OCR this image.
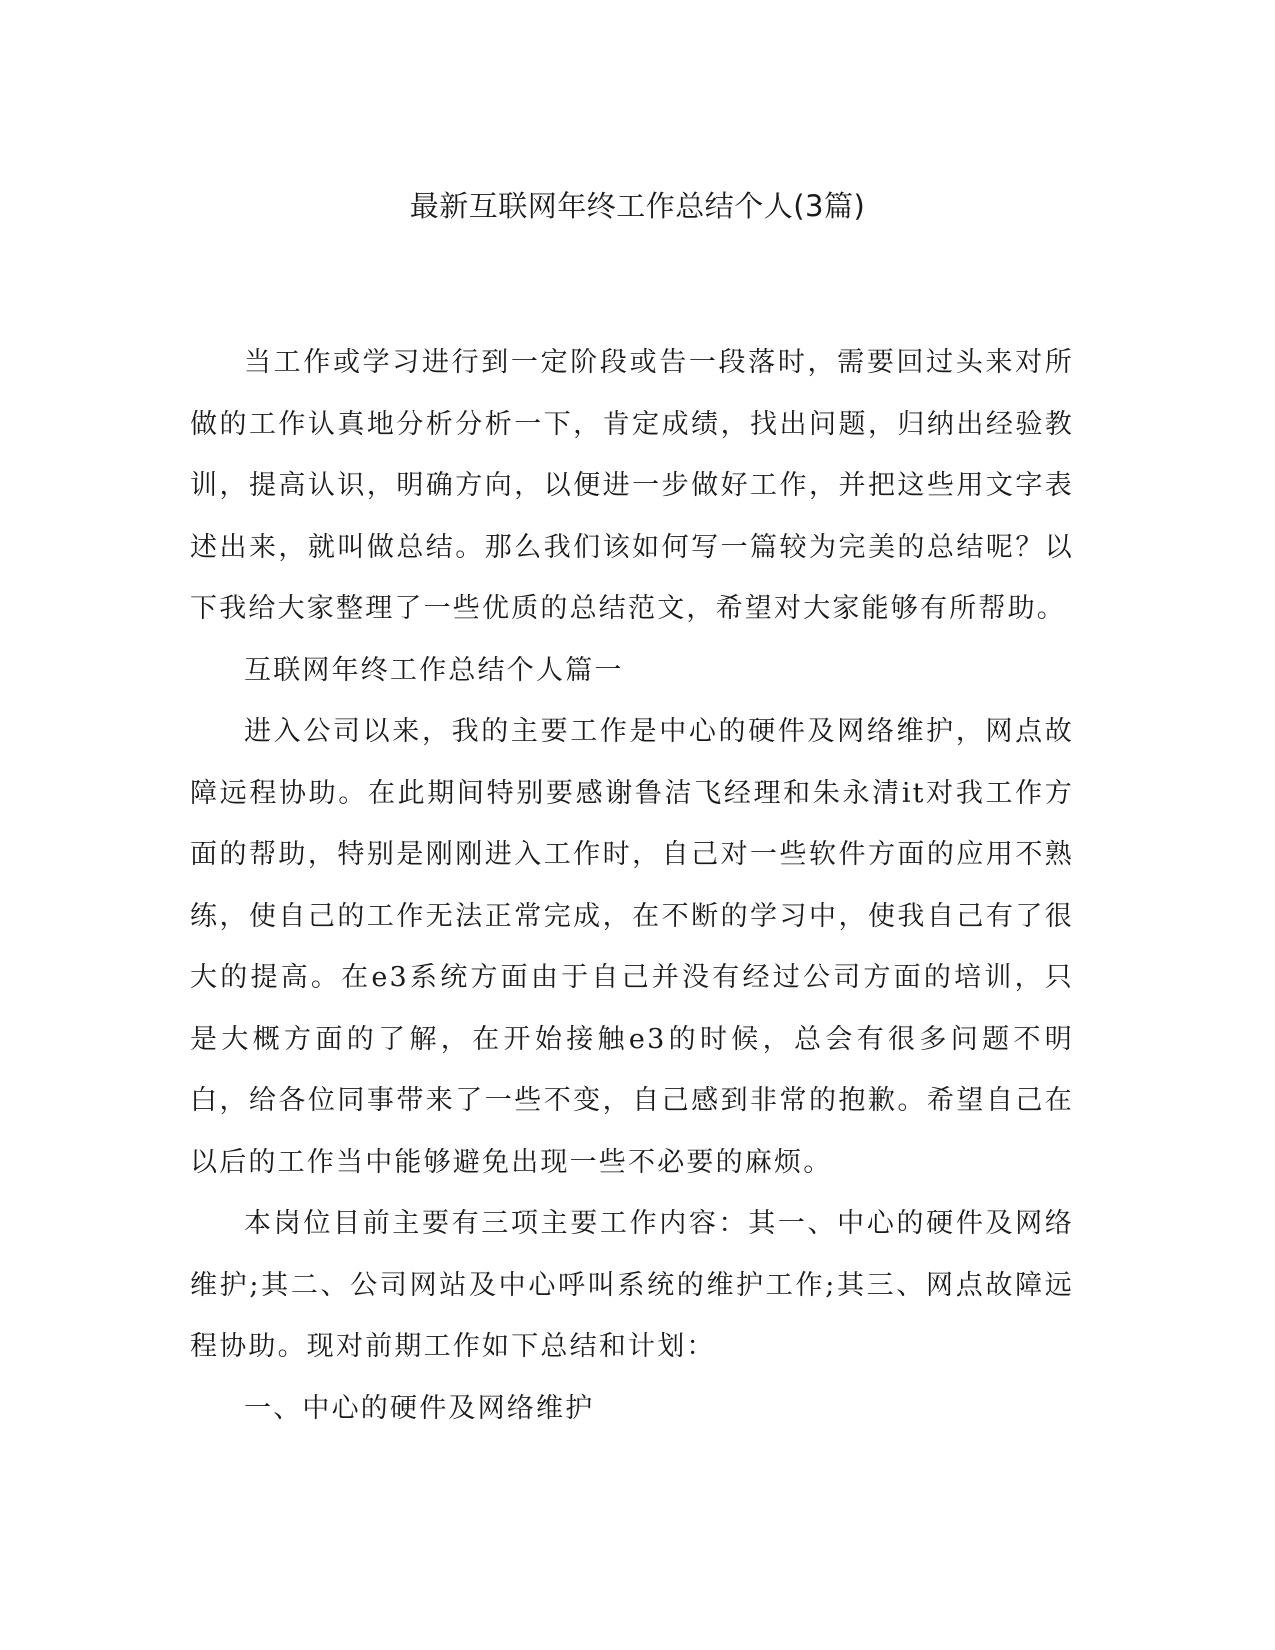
最新互联网年终工作总结个人(3篇)

当工作或学习进行到一定阶段或告一段落时，需要回过头来对所做的工作认真地分析分析一下，肯定成绩，找出问题，归纳出经验教训，提高认识，明确方向，以便进一步做好工作，并把这些用文字表述出来，就叫做总结。那么我们该如何写一篇较为完美的总结呢？以下我给大家整理了一些优质的总结范文，希望对大家能够有所帮助。

互联网年终工作总结个人篇一

进入公司以来，我的主要工作是中心的硬件及网络维护，网点故障远程协助。在此期间特别要感谢鲁洁飞经理和朱永清it对我工作方面的帮助，特别是刚刚进入工作时，自己对一些软件方面的应用不熟练，使自己的工作无法正常完成，在不断的学习中，使我自己有了很大的提高。在e3系统方面由于自己并没有经过公司方面的培训，只是大概方面的了解，在开始接触e3的时候，总会有很多问题不明白，给各位同事带来了一些不变，自己感到非常的抱歉。希望自己在以后的工作当中能够避免出现一些不必要的麻烦。

本岗位目前主要有三项主要工作内容：其一、中心的硬件及网络维护;其二、公司网站及中心呼叫系统的维护工作;其三、网点故障远程协助。现对前期工作如下总结和计划：

一、中心的硬件及网络维护
